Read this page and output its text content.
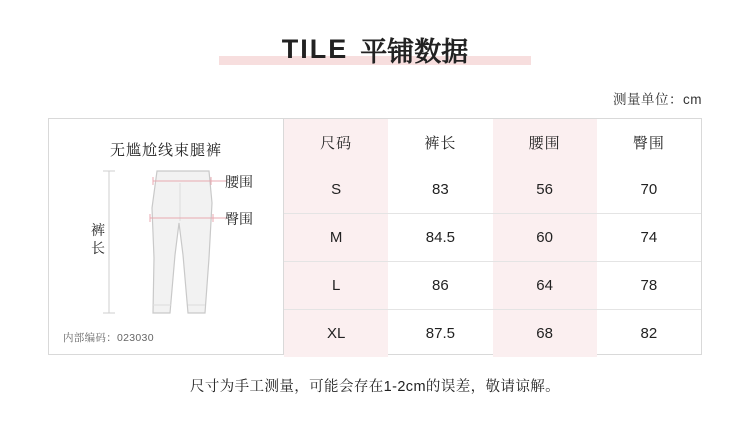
TILE 平铺数据
测量单位：cm
无尴尬线束腿裤
腰围
臀围
裤
长
内部编码：023030
尺码	裤长	腰围	臀围
S	83	56	70
M	84.5	60	74
L	86	64	78
XL	87.5	68	82
尺寸为手工测量，可能会存在1-2cm的误差，敬请谅解。
